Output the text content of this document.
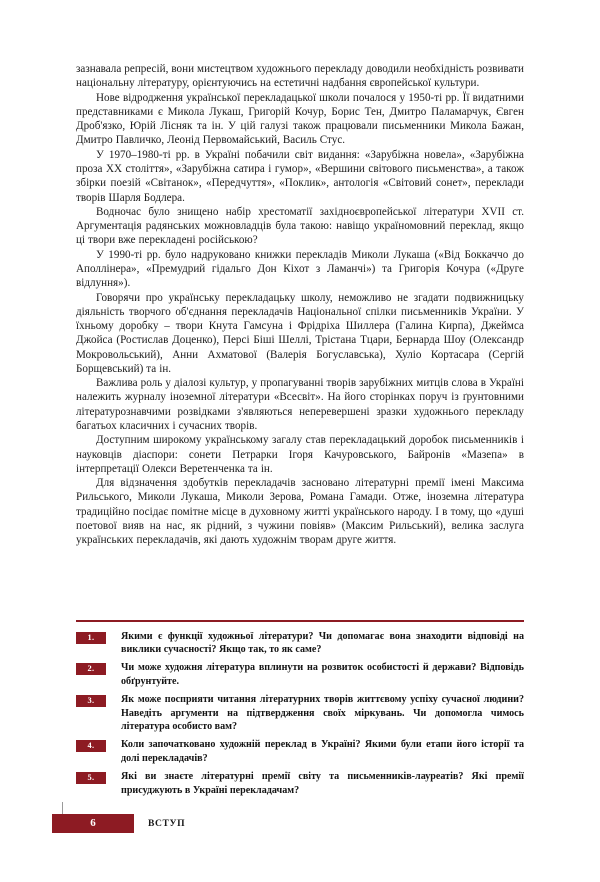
зазнавала репресій, вони мистецтвом художнього перекладу доводили необхідність розвивати національну літературу, орієнтуючись на естетичні надбання європейської культури.

Нове відродження української перекладацької школи почалося у 1950-ті рр. Її видатними представниками є Микола Лукаш, Григорій Кочур, Борис Тен, Дмитро Паламарчук, Євген Дроб'язко, Юрій Лісняк та ін. У цій галузі також працювали письменники Микола Бажан, Дмитро Павличко, Леонід Первомайський, Василь Стус.

У 1970–1980-ті рр. в Україні побачили світ видання: «Зарубіжна новела», «Зарубіжна проза XX століття», «Зарубіжна сатира і гумор», «Вершини світового письменства», а також збірки поезій «Світанок», «Передчуття», «Поклик», антологія «Світовий сонет», переклади творів Шарля Бодлера.

Водночас було знищено набір хрестоматії західноєвропейської літератури XVII ст. Аргументація радянських можновладців була такою: навіщо україномовний переклад, якщо ці твори вже перекладені російською?

У 1990-ті рр. було надруковано книжки перекладів Миколи Лукаша («Від Боккаччо до Аполлінера», «Премудрий гідальго Дон Кіхот з Ламанчі») та Григорія Кочура («Друге відлуння»).

Говорячи про українську перекладацьку школу, неможливо не згадати подвижницьку діяльність творчого об'єднання перекладачів Національної спілки письменників України. У їхньому доробку – твори Кнута Гамсуна і Фрідріха Шиллера (Галина Кирпа), Джеймса Джойса (Ростислав Доценко), Персі Біші Шеллі, Трістана Тцари, Бернарда Шоу (Олександр Мокровольський), Анни Ахматової (Валерія Богуславська), Хуліо Кортасара (Сергій Борщевський) та ін.

Важлива роль у діалозі культур, у пропагуванні творів зарубіжних митців слова в Україні належить журналу іноземної літератури «Всесвіт». На його сторінках поруч із ґрунтовними літературознавчими розвідками з'являються неперевершені зразки художнього перекладу багатьох класичних і сучасних творів.

Доступним широкому українському загалу став перекладацький доробок письменників і науковців діаспори: сонети Петрарки Ігоря Качуровського, Байронів «Мазепа» в інтерпретації Олекси Веретенченка та ін.

Для відзначення здобутків перекладачів засновано літературні премії імені Максима Рильського, Миколи Лукаша, Миколи Зерова, Романа Гамади. Отже, іноземна література традиційно посідає помітне місце в духовному житті українського народу. І в тому, що «душі поетової вияв на нас, як рідний, з чужини повіяв» (Максим Рильський), велика заслуга українських перекладачів, які дають художнім творам друге життя.

1.	Якими є функції художньої літератури? Чи допомагає вона знаходити відповіді на виклики сучасності? Якщо так, то як саме?
2.	Чи може художня література вплинути на розвиток особистості й держави? Відповідь обґрунтуйте.
3.	Як може посприяти читання літературних творів життєвому успіху сучасної людини? Наведіть аргументи на підтвердження своїх міркувань. Чи допомогла чимось література особисто вам?
4.	Коли започатковано художній переклад в Україні? Якими були етапи його історії та долі перекладачів?
5.	Які ви знаєте літературні премії світу та письменників-лауреатів? Які премії присуджують в Україні перекладачам?
6	ВСТУП
